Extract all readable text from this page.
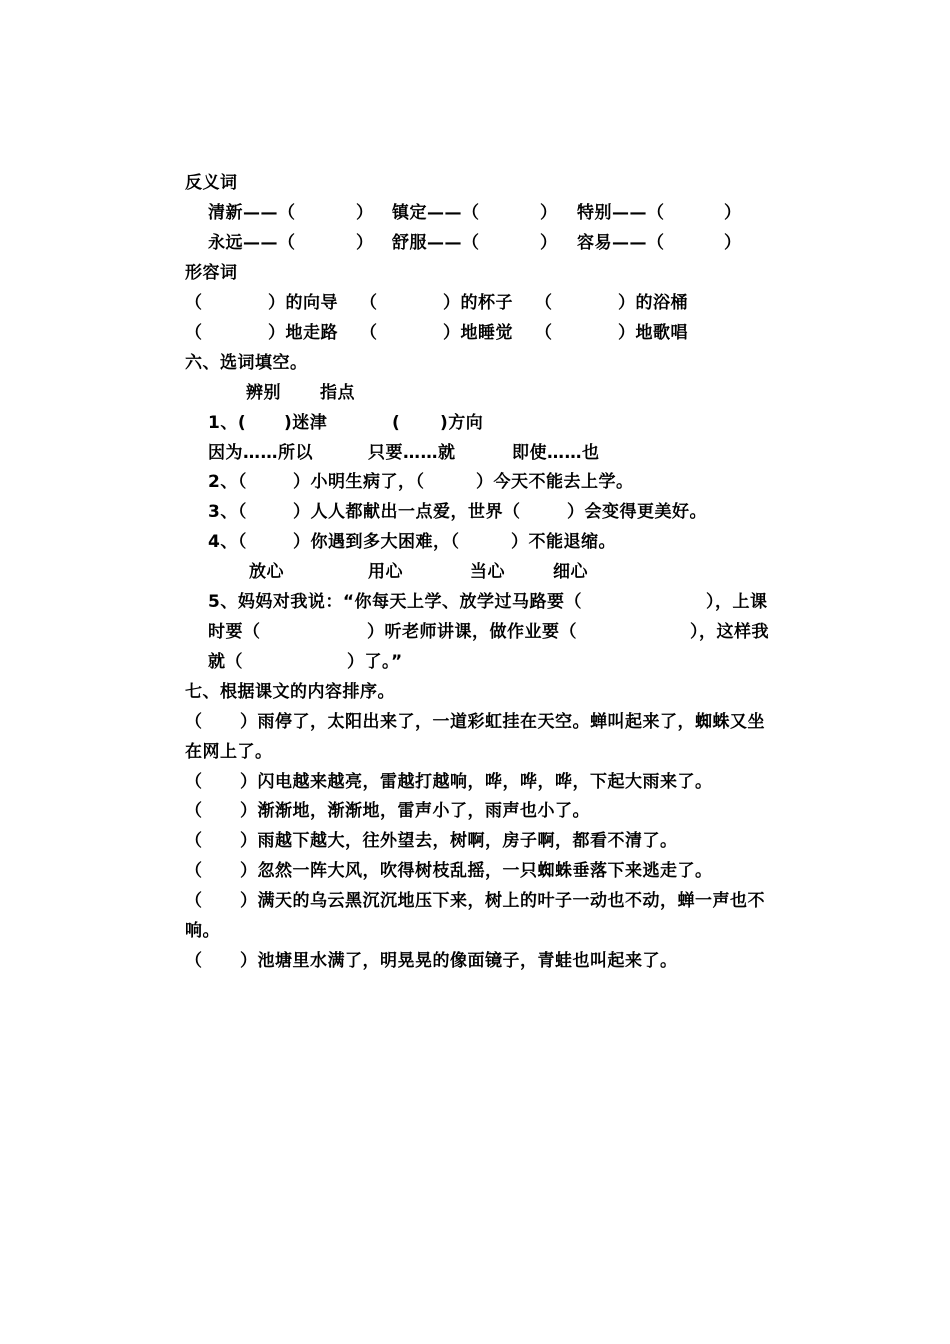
反义词
清新——（	） 镇定——（	） 特别——（	）
永远——（	） 舒服——（	） 容易——（	）
形容词
（	）的向导 （	）的杯子 （	）的浴桶
（	）地走路 （	）地睡觉 （	）地歌唱
六、选词填空。
辨别 指点
1、( )迷津	( )方向
因为……所以	只要……就	即使……也
2、（	）小明生病了，（	）今天不能去上学。
3、（	）人人都献出一点爱，世界（	）会变得更美好。
4、（	）你遇到多大困难，（	）不能退缩。
放心	用心	当心	细心
5、妈妈对我说：“你每天上学、放学过马路要（	），上课
时要（	）听老师讲课，做作业要（	），这样我
就（	）了。”
七、根据课文的内容排序。
（ ）雨停了，太阳出来了，一道彩虹挂在天空。蝉叫起来了，蜘蛛又坐
在网上了。
（ ）闪电越来越亮，雷越打越响，哗，哗，哗，下起大雨来了。
（ ）渐渐地，渐渐地，雷声小了，雨声也小了。
（ ）雨越下越大，往外望去，树啊，房子啊，都看不清了。
（ ）忽然一阵大风，吹得树枝乱摇，一只蜘蛛垂落下来逃走了。
（ ）满天的乌云黑沉沉地压下来，树上的叶子一动也不动，蝉一声也不
响。
（ ）池塘里水满了，明晃晃的像面镜子，青蛙也叫起来了。
